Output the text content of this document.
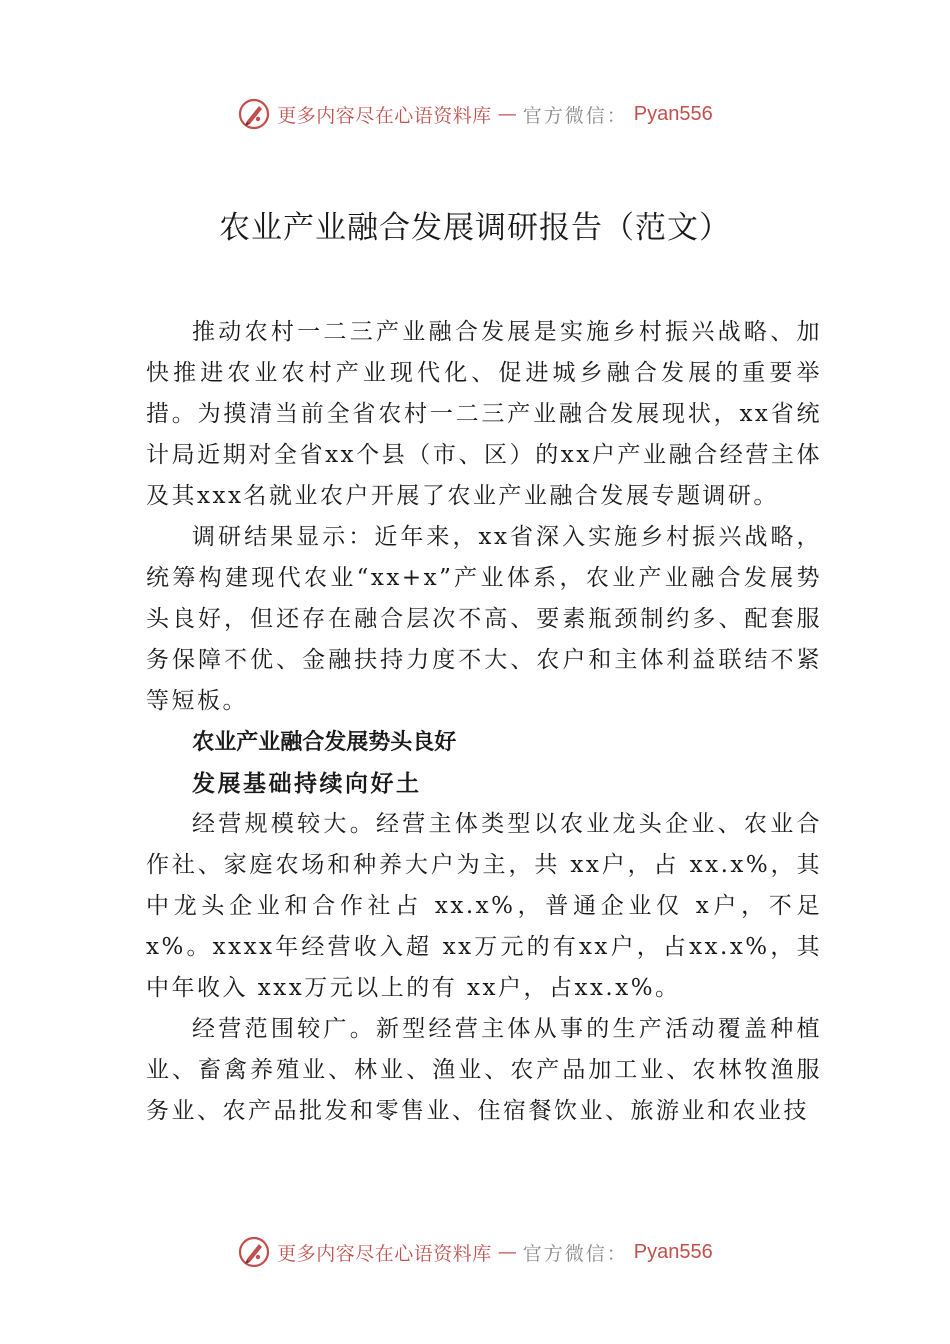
更多内容尽在心语资料库 — 官方微信： Pyan556
农业产业融合发展调研报告（范文）

推动农村一二三产业融合发展是实施乡村振兴战略、加快推进农业农村产业现代化、促进城乡融合发展的重要举措。为摸清当前全省农村一二三产业融合发展现状，xx省统计局近期对全省xx个县（市、区）的xx户产业融合经营主体及其xxx名就业农户开展了农业产业融合发展专题调研。

调研结果显示：近年来，xx省深入实施乡村振兴战略，统筹构建现代农业“xx+x”产业体系，农业产业融合发展势头良好，但还存在融合层次不高、要素瓶颈制约多、配套服务保障不优、金融扶持力度不大、农户和主体利益联结不紧等短板。

农业产业融合发展势头良好

发展基础持续向好土

经营规模较大。经营主体类型以农业龙头企业、农业合作社、家庭农场和种养大户为主，共 xx户，占 xx.x%，其中龙头企业和合作社占 xx.x%，普通企业仅 x户，不足 x%。xxxx年经营收入超 xx万元的有xx户，占xx.x%，其中年收入 xxx万元以上的有 xx户，占xx.x%。

经营范围较广。新型经营主体从事的生产活动覆盖种植业、畜禽养殖业、林业、渔业、农产品加工业、农林牧渔服务业、农产品批发和零售业、住宿餐饮业、旅游业和农业技

更多内容尽在心语资料库 — 官方微信： Pyan556
